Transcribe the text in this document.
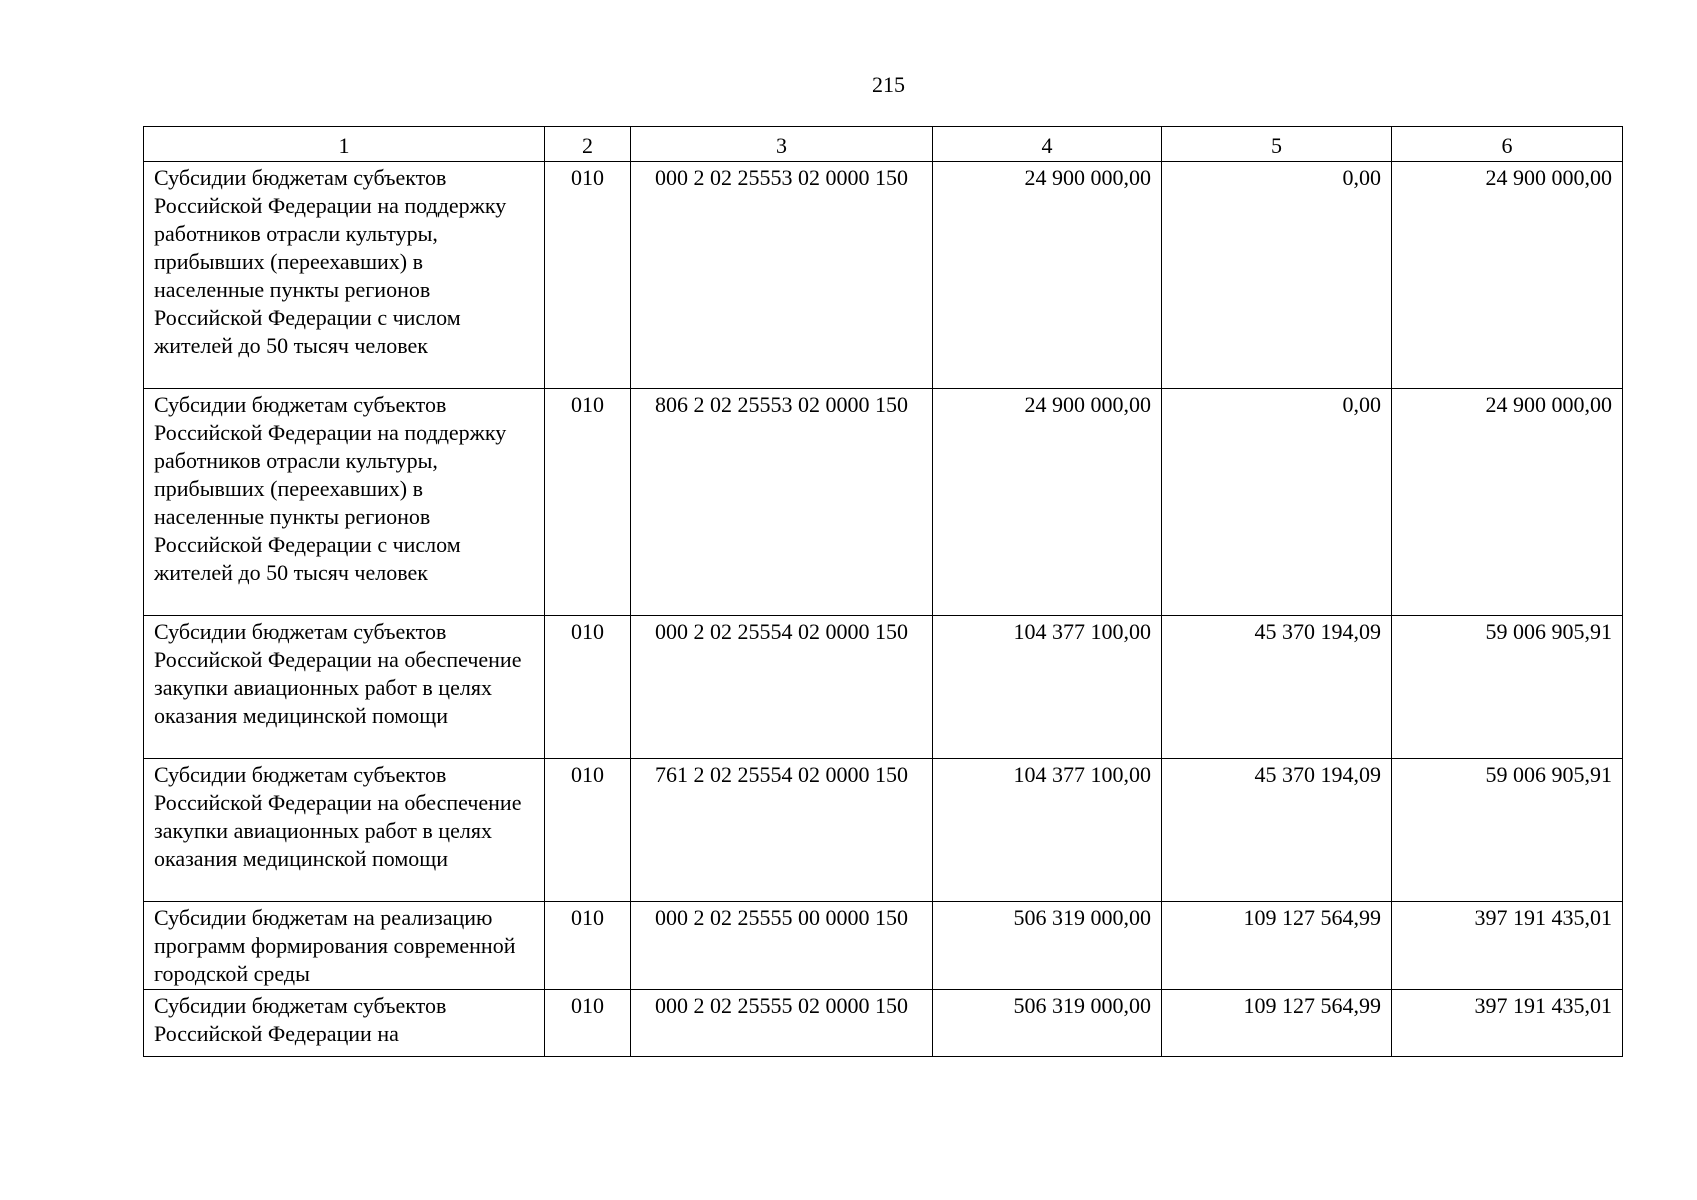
215
1	2	3	4	5	6
Субсидии бюджетам субъектов Российской Федерации на поддержку работников отрасли культуры, прибывших (переехавших) в населенные пункты регионов Российской Федерации с числом жителей до 50 тысяч человек	010	000 2 02 25553 02 0000 150	24 900 000,00	0,00	24 900 000,00
Субсидии бюджетам субъектов Российской Федерации на поддержку работников отрасли культуры, прибывших (переехавших) в населенные пункты регионов Российской Федерации с числом жителей до 50 тысяч человек	010	806 2 02 25553 02 0000 150	24 900 000,00	0,00	24 900 000,00
Субсидии бюджетам субъектов Российской Федерации на обеспечение закупки авиационных работ в целях оказания медицинской помощи	010	000 2 02 25554 02 0000 150	104 377 100,00	45 370 194,09	59 006 905,91
Субсидии бюджетам субъектов Российской Федерации на обеспечение закупки авиационных работ в целях оказания медицинской помощи	010	761 2 02 25554 02 0000 150	104 377 100,00	45 370 194,09	59 006 905,91
Субсидии бюджетам на реализацию программ формирования современной городской среды	010	000 2 02 25555 00 0000 150	506 319 000,00	109 127 564,99	397 191 435,01
Субсидии бюджетам субъектов Российской Федерации на	010	000 2 02 25555 02 0000 150	506 319 000,00	109 127 564,99	397 191 435,01
